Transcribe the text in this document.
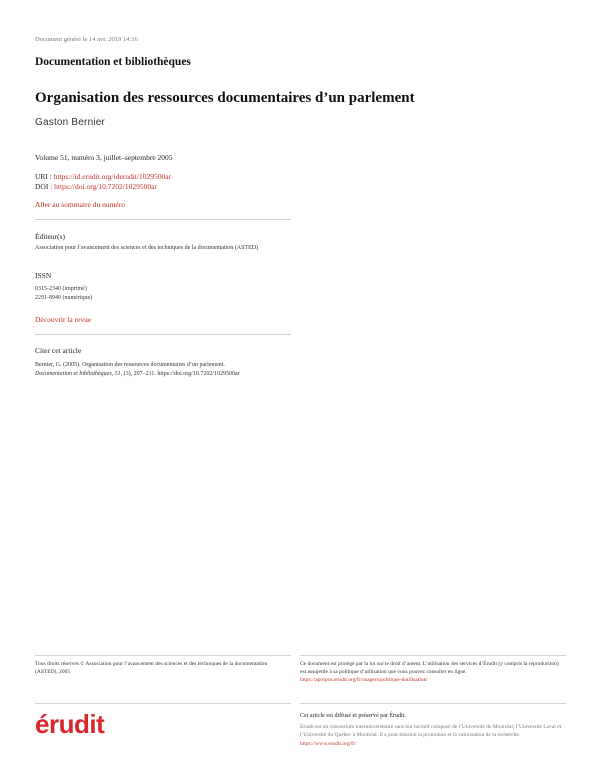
Document généré le 14 avr. 2019 14:16
Documentation et bibliothèques
Organisation des ressources documentaires d’un parlement
Gaston Bernier
Volume 51, numéro 3, juillet–septembre 2005
URI : https://id.erudit.org/iderudit/1029500ar
DOI : https://doi.org/10.7202/1029500ar
Aller au sommaire du numéro
Éditeur(s)
Association pour l’avancement des sciences et des techniques de la documentation (ASTED)
ISSN
0315-2340 (imprimé)
2291-8949 (numérique)
Découvrir la revue
Citer cet article
Bernier, G. (2005). Organisation des ressources documentaires d’un parlement.
Documentation et bibliothèques, 51, (3), 207–211. https://doi.org/10.7202/1029500ar
Tous droits réservés © Association pour l’avancement des sciences et des techniques de la documentation (ASTED), 2005
Ce document est protégé par la loi sur le droit d’auteur. L’utilisation des services d’Érudit (y compris la reproduction) est assujettie à sa politique d’utilisation que vous pouvez consulter en ligne.
https://apropos.erudit.org/fr/usagers/politique-dutilisation/
érudit	Cet article est diffusé et préservé par Érudit.
Érudit est un consortium interuniversitaire sans but lucratif composé de l’Université de Montréal, l’Université Laval et l’Université du Québec à Montréal. Il a pour mission la promotion et la valorisation de la recherche.
https://www.erudit.org/fr/
